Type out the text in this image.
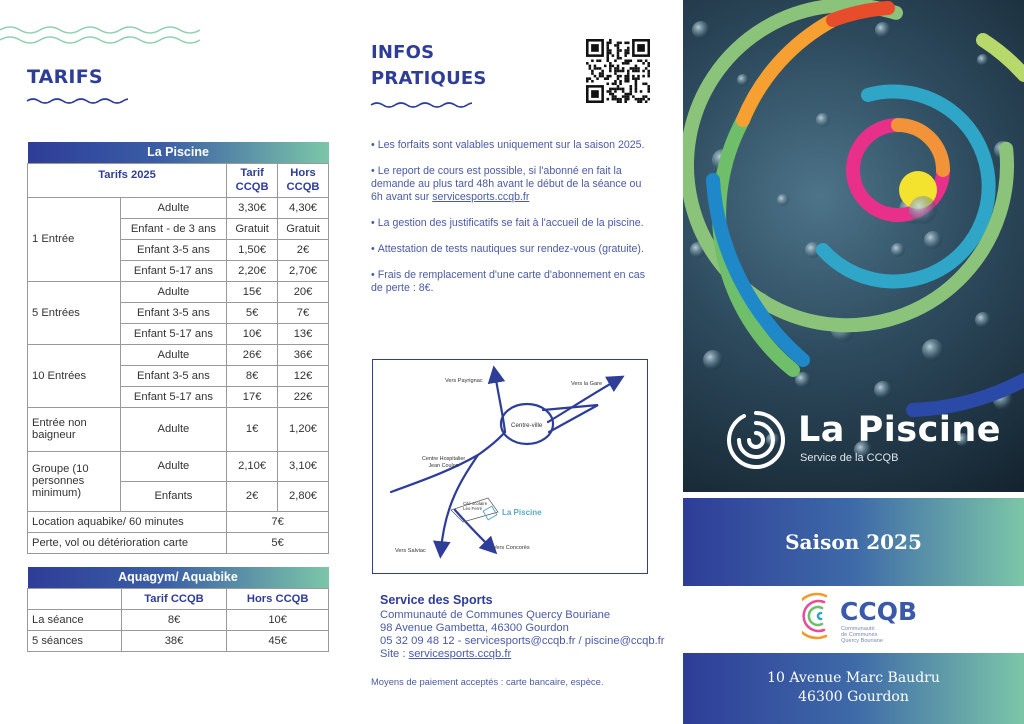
TARIFS
La Piscine			
Tarifs 2025		Tarif CCQB	Hors CCQB
1 Entrée	Adulte	3,30€	4,30€
	Enfant - de 3 ans	Gratuit	Gratuit
	Enfant 3-5 ans	1,50€	2€
	Enfant 5-17 ans	2,20€	2,70€
5 Entrées	Adulte	15€	20€
	Enfant 3-5 ans	5€	7€
	Enfant 5-17 ans	10€	13€
10 Entrées	Adulte	26€	36€
	Enfant 3-5 ans	8€	12€
	Enfant 5-17 ans	17€	22€
Entrée non baigneur	Adulte	1€	1,20€
Groupe (10 personnes minimum)	Adulte	2,10€	3,10€
	Enfants	2€	2,80€
Location aquabike/ 60 minutes		7€	
Perte, vol ou détérioration carte		5€	
Aquagym/ Aquabike		
	Tarif CCQB	Hors CCQB
La séance	8€	10€
5 séances	38€	45€
INFOS
PRATIQUES
• Les forfaits sont valables uniquement sur la saison 2025.
• Le report de cours est possible, si l'abonné en fait la demande au plus tard 48h avant le début de la séance ou 6h avant sur servicesports.ccqb.fr
• La gestion des justificatifs se fait à l'accueil de la piscine.
• Attestation de tests nautiques sur rendez-vous (gratuite).
• Frais de remplacement d'une carte d'abonnement en cas de perte : 8€.
Vers Payrignac	Vers la Gare
Centre-ville
Centre Hospitalier
Jean Coulon
Cité scolaire
Léo Ferré	La Piscine
Vers Salviac	Vers Concorès
Service des Sports
Communauté de Communes Quercy Bouriane
98 Avenue Gambetta, 46300 Gourdon
05 32 09 48 12 - servicesports@ccqb.fr / piscine@ccqb.fr
Site : servicesports.ccqb.fr
Moyens de paiement acceptés : carte bancaire, espèce.
La Piscine
Service de la CCQB
Saison 2025
CCQB
Communauté
de Communes
Quercy Bouriane
10 Avenue Marc Baudru
46300 Gourdon
